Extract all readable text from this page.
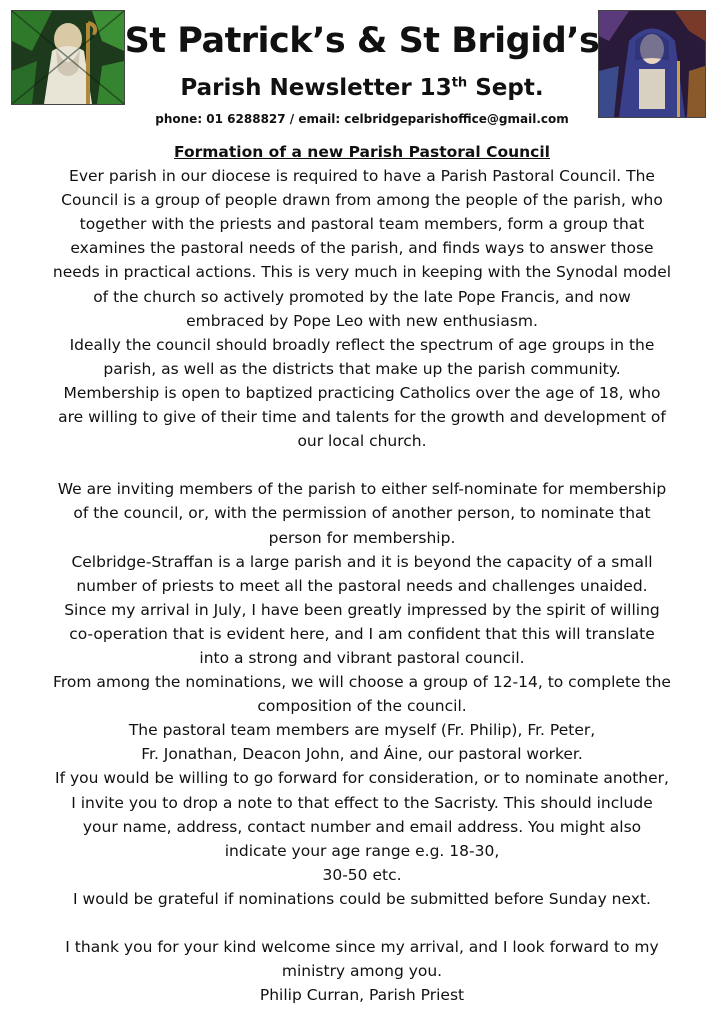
St Patrick’s & St Brigid’s
Parish Newsletter 13th Sept.
phone: 01 6288827 / email: celbridgeparishoffice@gmail.com
Formation of a new Parish Pastoral Council
Ever parish in our diocese is required to have a Parish Pastoral Council. The
Council is a group of people drawn from among the people of the parish, who
together with the priests and pastoral team members, form a group that
examines the pastoral needs of the parish, and finds ways to answer those
needs in practical actions. This is very much in keeping with the Synodal model
of the church so actively promoted by the late Pope Francis, and now
embraced by Pope Leo with new enthusiasm.
Ideally the council should broadly reflect the spectrum of age groups in the
parish, as well as the districts that make up the parish community.
Membership is open to baptized practicing Catholics over the age of 18, who
are willing to give of their time and talents for the growth and development of
our local church.
We are inviting members of the parish to either self-nominate for membership
of the council, or, with the permission of another person, to nominate that
person for membership.
Celbridge-Straffan is a large parish and it is beyond the capacity of a small
number of priests to meet all the pastoral needs and challenges unaided.
Since my arrival in July, I have been greatly impressed by the spirit of willing
co-operation that is evident here, and I am confident that this will translate
into a strong and vibrant pastoral council.
From among the nominations, we will choose a group of 12-14, to complete the
composition of the council.
The pastoral team members are myself (Fr. Philip), Fr. Peter,
Fr. Jonathan, Deacon John, and Áine, our pastoral worker.
If you would be willing to go forward for consideration, or to nominate another,
I invite you to drop a note to that effect to the Sacristy. This should include
your name, address, contact number and email address. You might also
indicate your age range e.g. 18-30,
30-50 etc.
I would be grateful if nominations could be submitted before Sunday next.
I thank you for your kind welcome since my arrival, and I look forward to my
ministry among you.
Philip Curran, Parish Priest
